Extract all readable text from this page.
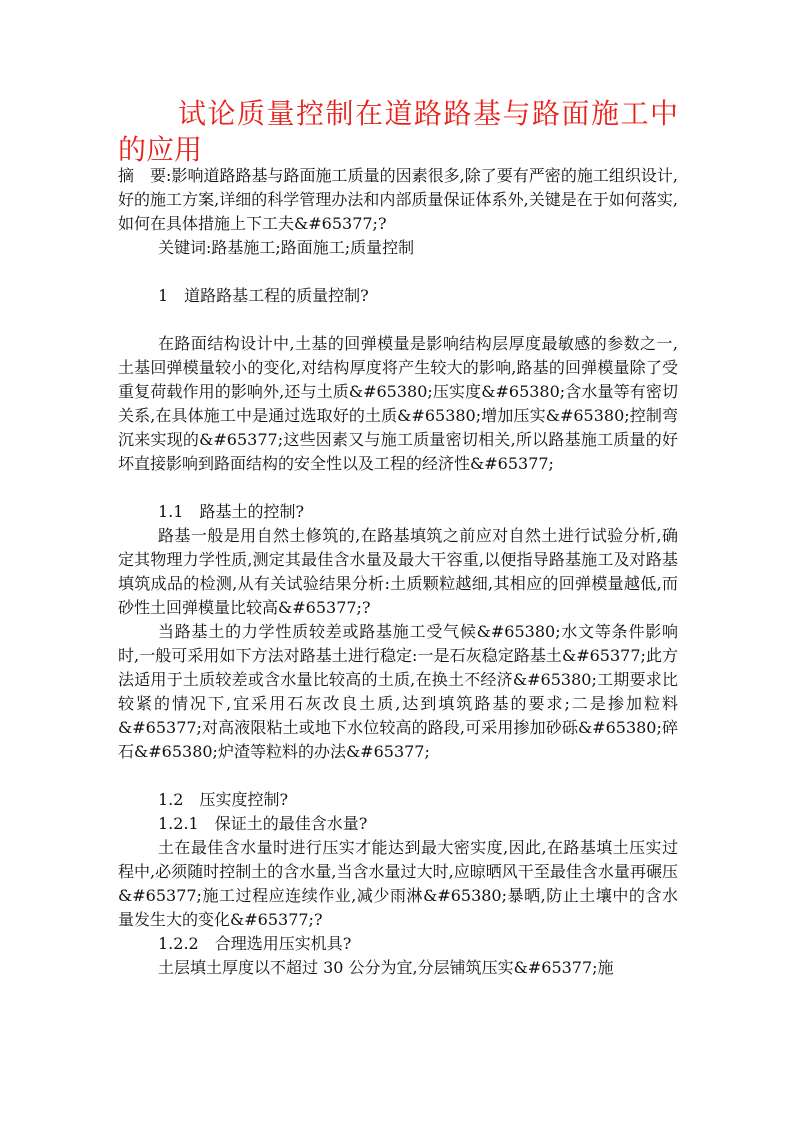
试论质量控制在道路路基与路面施工中的应用

摘　要:影响道路路基与路面施工质量的因素很多,除了要有严密的施工组织设计,好的施工方案,详细的科学管理办法和内部质量保证体系外,关键是在于如何落实,如何在具体措施上下工夫&#65377;?

关键词:路基施工;路面施工;质量控制

1　道路路基工程的质量控制?

在路面结构设计中,土基的回弹模量是影响结构层厚度最敏感的参数之一,土基回弹模量较小的变化,对结构厚度将产生较大的影响,路基的回弹模量除了受重复荷载作用的影响外,还与土质&#65380;压实度&#65380;含水量等有密切关系,在具体施工中是通过选取好的土质&#65380;增加压实&#65380;控制弯沉来实现的&#65377;这些因素又与施工质量密切相关,所以路基施工质量的好坏直接影响到路面结构的安全性以及工程的经济性&#65377;

1.1　路基土的控制?

路基一般是用自然土修筑的,在路基填筑之前应对自然土进行试验分析,确定其物理力学性质,测定其最佳含水量及最大干容重,以便指导路基施工及对路基填筑成品的检测,从有关试验结果分析:土质颗粒越细,其相应的回弹模量越低,而砂性土回弹模量比较高&#65377;?

当路基土的力学性质较差或路基施工受气候&#65380;水文等条件影响时,一般可采用如下方法对路基土进行稳定:一是石灰稳定路基土&#65377;此方法适用于土质较差或含水量比较高的土质,在换土不经济&#65380;工期要求比较紧的情况下,宜采用石灰改良土质,达到填筑路基的要求;二是掺加粒料&#65377;对高液限粘土或地下水位较高的路段,可采用掺加砂砾&#65380;碎石&#65380;炉渣等粒料的办法&#65377;

1.2　压实度控制?

1.2.1　保证土的最佳含水量?

土在最佳含水量时进行压实才能达到最大密实度,因此,在路基填土压实过程中,必须随时控制土的含水量,当含水量过大时,应晾晒风干至最佳含水量再碾压&#65377;施工过程应连续作业,减少雨淋&#65380;暴晒,防止土壤中的含水量发生大的变化&#65377;?

1.2.2　合理选用压实机具?

土层填土厚度以不超过 30 公分为宜,分层铺筑压实&#65377;施
